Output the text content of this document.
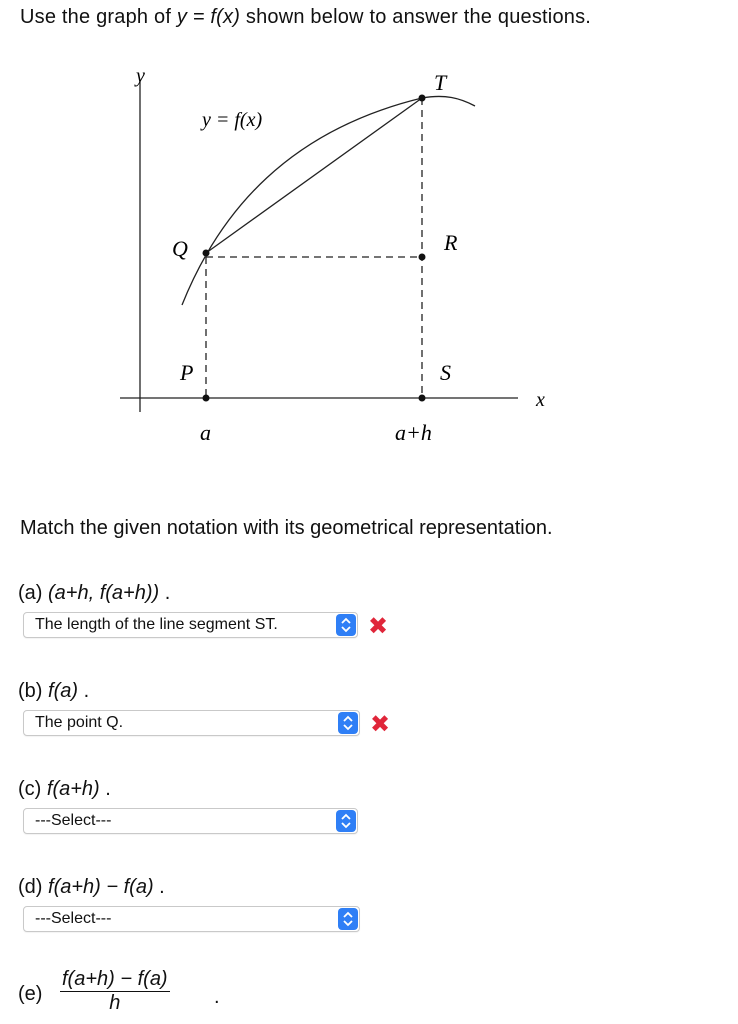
Use the graph of y = f(x) shown below to answer the questions.
y
x
y = f(x)
T
Q	R
P	S
a	a+h
Match the given notation with its geometrical representation.
(a) (a+h, f(a+h)) .
The length of the line segment ST.	✖
(b) f(a) .
The point Q.	✖
(c) f(a+h) .
---Select---
(d) f(a+h) − f(a) .
---Select---
$(e) \frac{f(a+h) - f(a)}{h}$ .
